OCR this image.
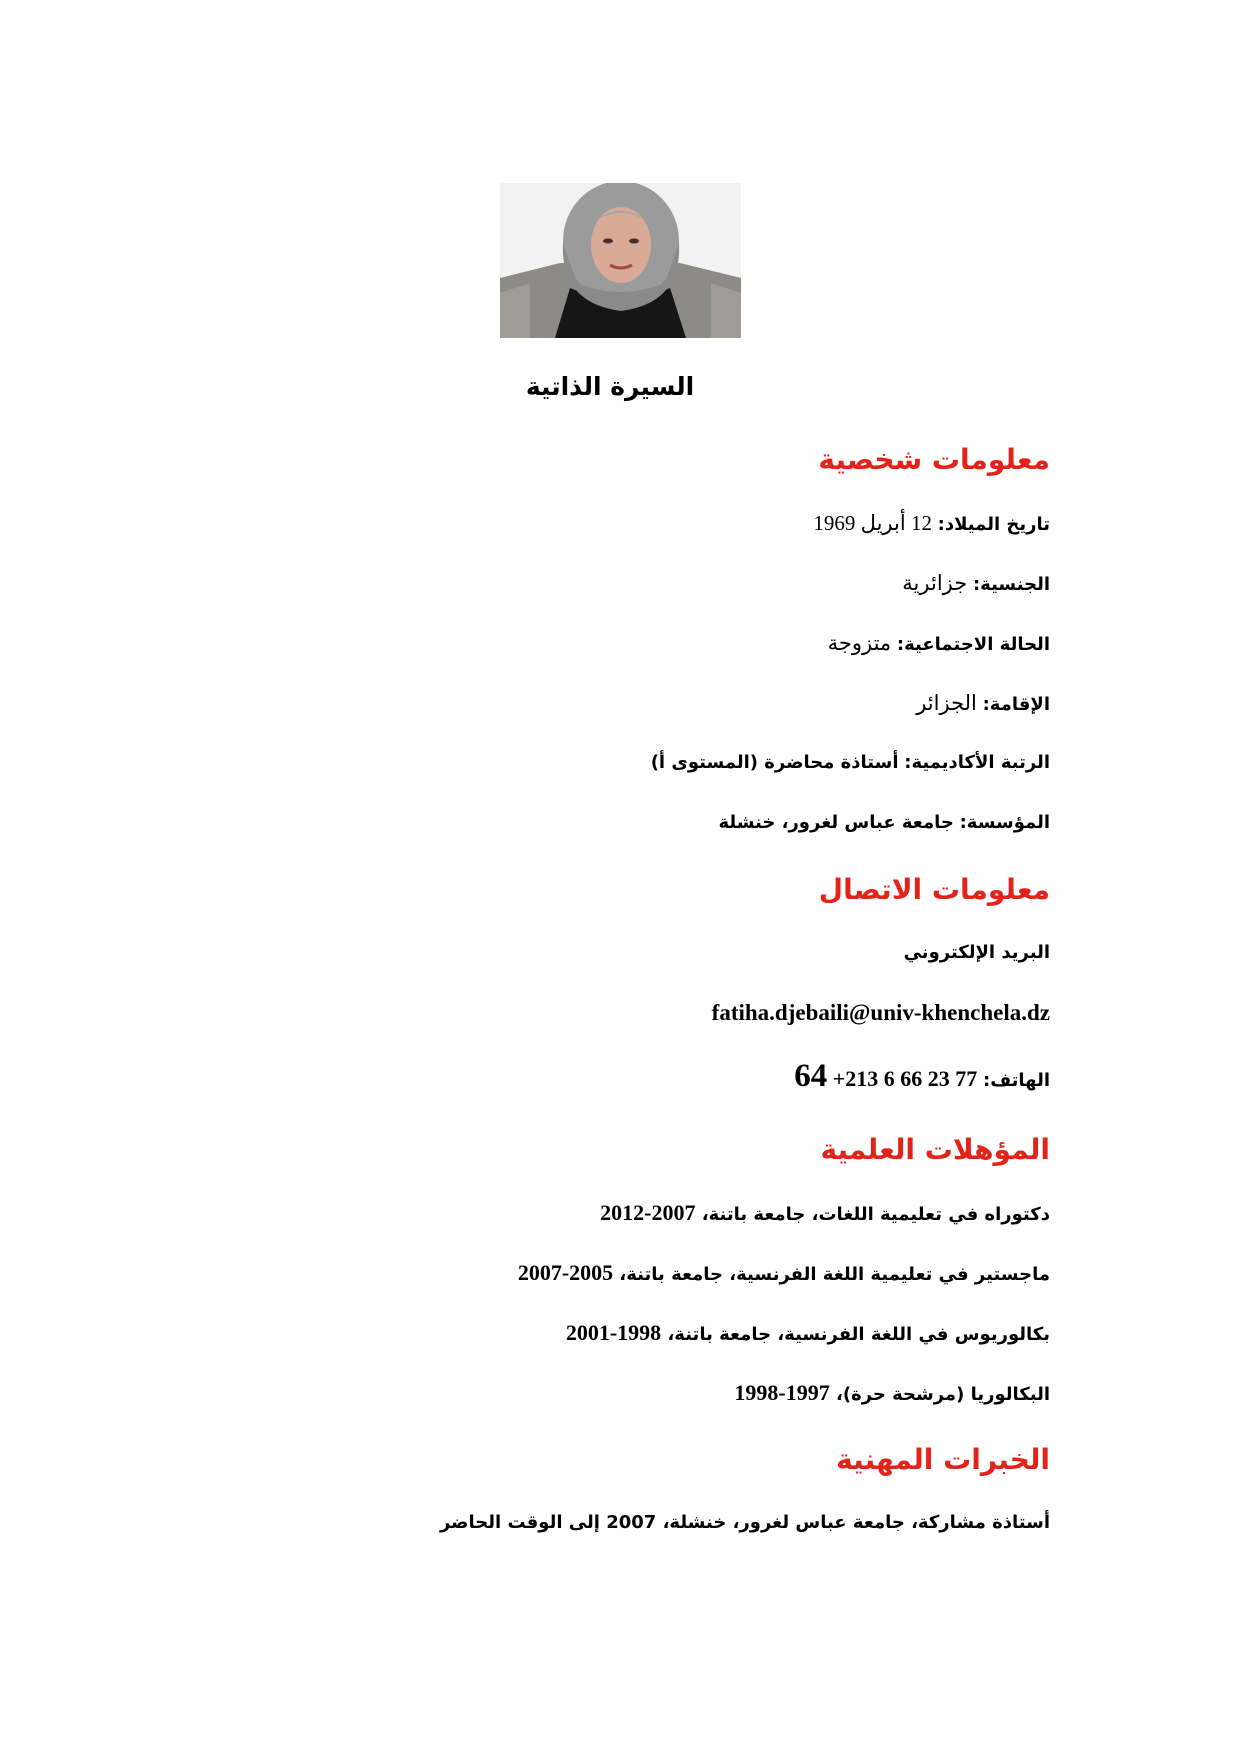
السيرة الذاتية
معلومات شخصية
تاريخ الميلاد: 12 أبريل 1969
الجنسية: جزائرية
الحالة الاجتماعية: متزوجة
الإقامة: الجزائر
الرتبة الأكاديمية: أستاذة محاضرة (المستوى أ)
المؤسسة: جامعة عباس لغرور، خنشلة
معلومات الاتصال
البريد الإلكتروني
fatiha.djebaili@univ-khenchela.dz
الهاتف: 64 +213 6 66 23 77
المؤهلات العلمية
دكتوراه في تعليمية اللغات، جامعة باتنة، 2007-2012
ماجستير في تعليمية اللغة الفرنسية، جامعة باتنة، 2005-2007
بكالوريوس في اللغة الفرنسية، جامعة باتنة، 1998-2001
البكالوريا (مرشحة حرة)، 1997-1998
الخبرات المهنية
أستاذة مشاركة، جامعة عباس لغرور، خنشلة، 2007 إلى الوقت الحاضر
